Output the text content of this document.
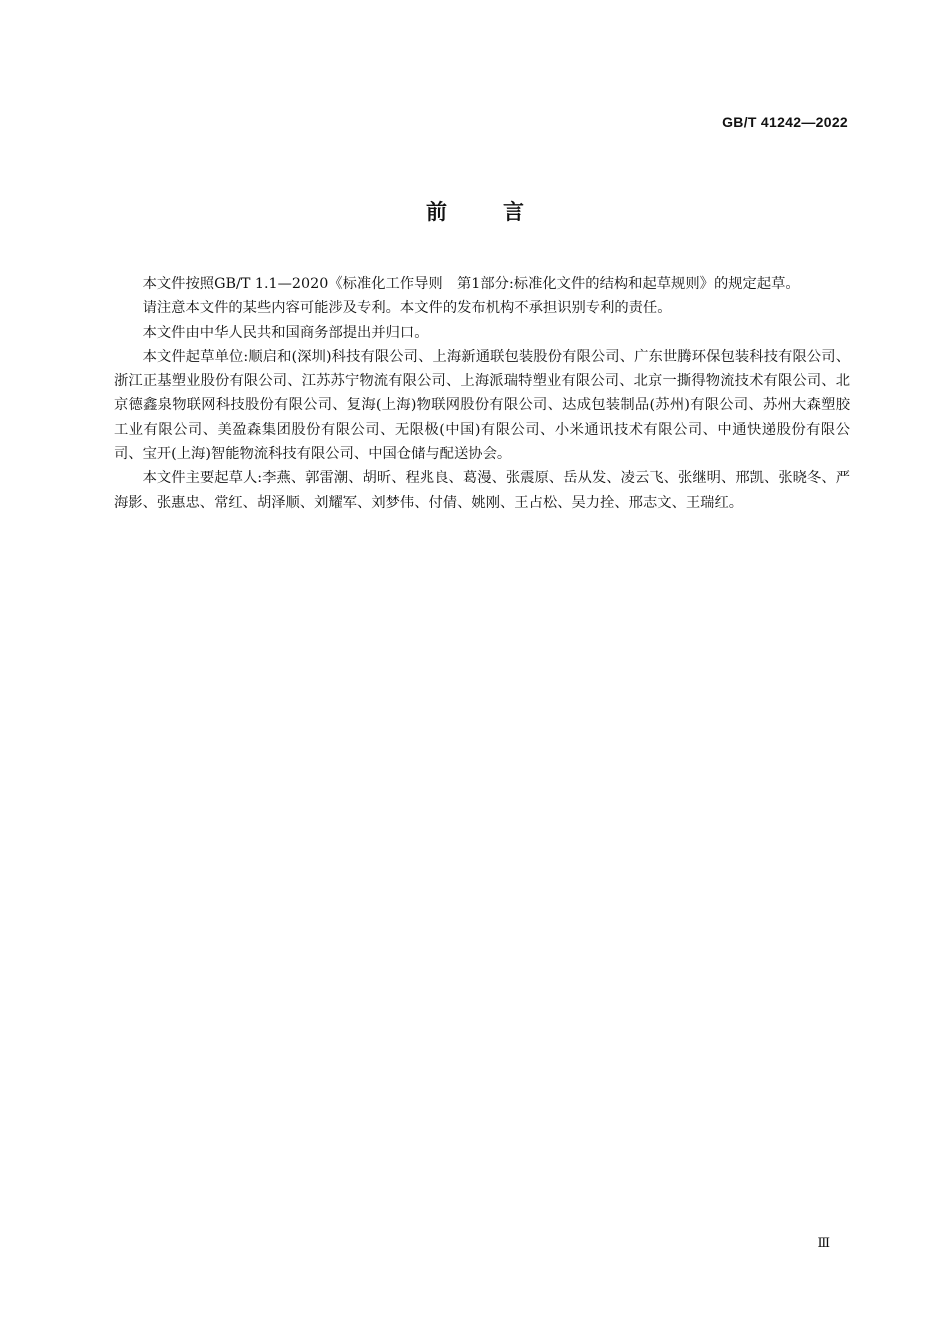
GB/T 41242—2022
前言

本文件按照GB/T 1.1—2020《标准化工作导则　第1部分:标准化文件的结构和起草规则》的规定起草。

请注意本文件的某些内容可能涉及专利。本文件的发布机构不承担识别专利的责任。

本文件由中华人民共和国商务部提出并归口。

本文件起草单位:顺启和(深圳)科技有限公司、上海新通联包装股份有限公司、广东世腾环保包装科技有限公司、浙江正基塑业股份有限公司、江苏苏宁物流有限公司、上海派瑞特塑业有限公司、北京一撕得物流技术有限公司、北京德鑫泉物联网科技股份有限公司、复海(上海)物联网股份有限公司、达成包装制品(苏州)有限公司、苏州大森塑胶工业有限公司、美盈森集团股份有限公司、无限极(中国)有限公司、小米通讯技术有限公司、中通快递股份有限公司、宝开(上海)智能物流科技有限公司、中国仓储与配送协会。

本文件主要起草人:李燕、郭雷潮、胡昕、程兆良、葛漫、张震原、岳从发、凌云飞、张继明、邢凯、张晓冬、严海影、张惠忠、常红、胡泽顺、刘耀军、刘梦伟、付倩、姚刚、王占松、吴力拴、邢志文、王瑞红。

Ⅲ
